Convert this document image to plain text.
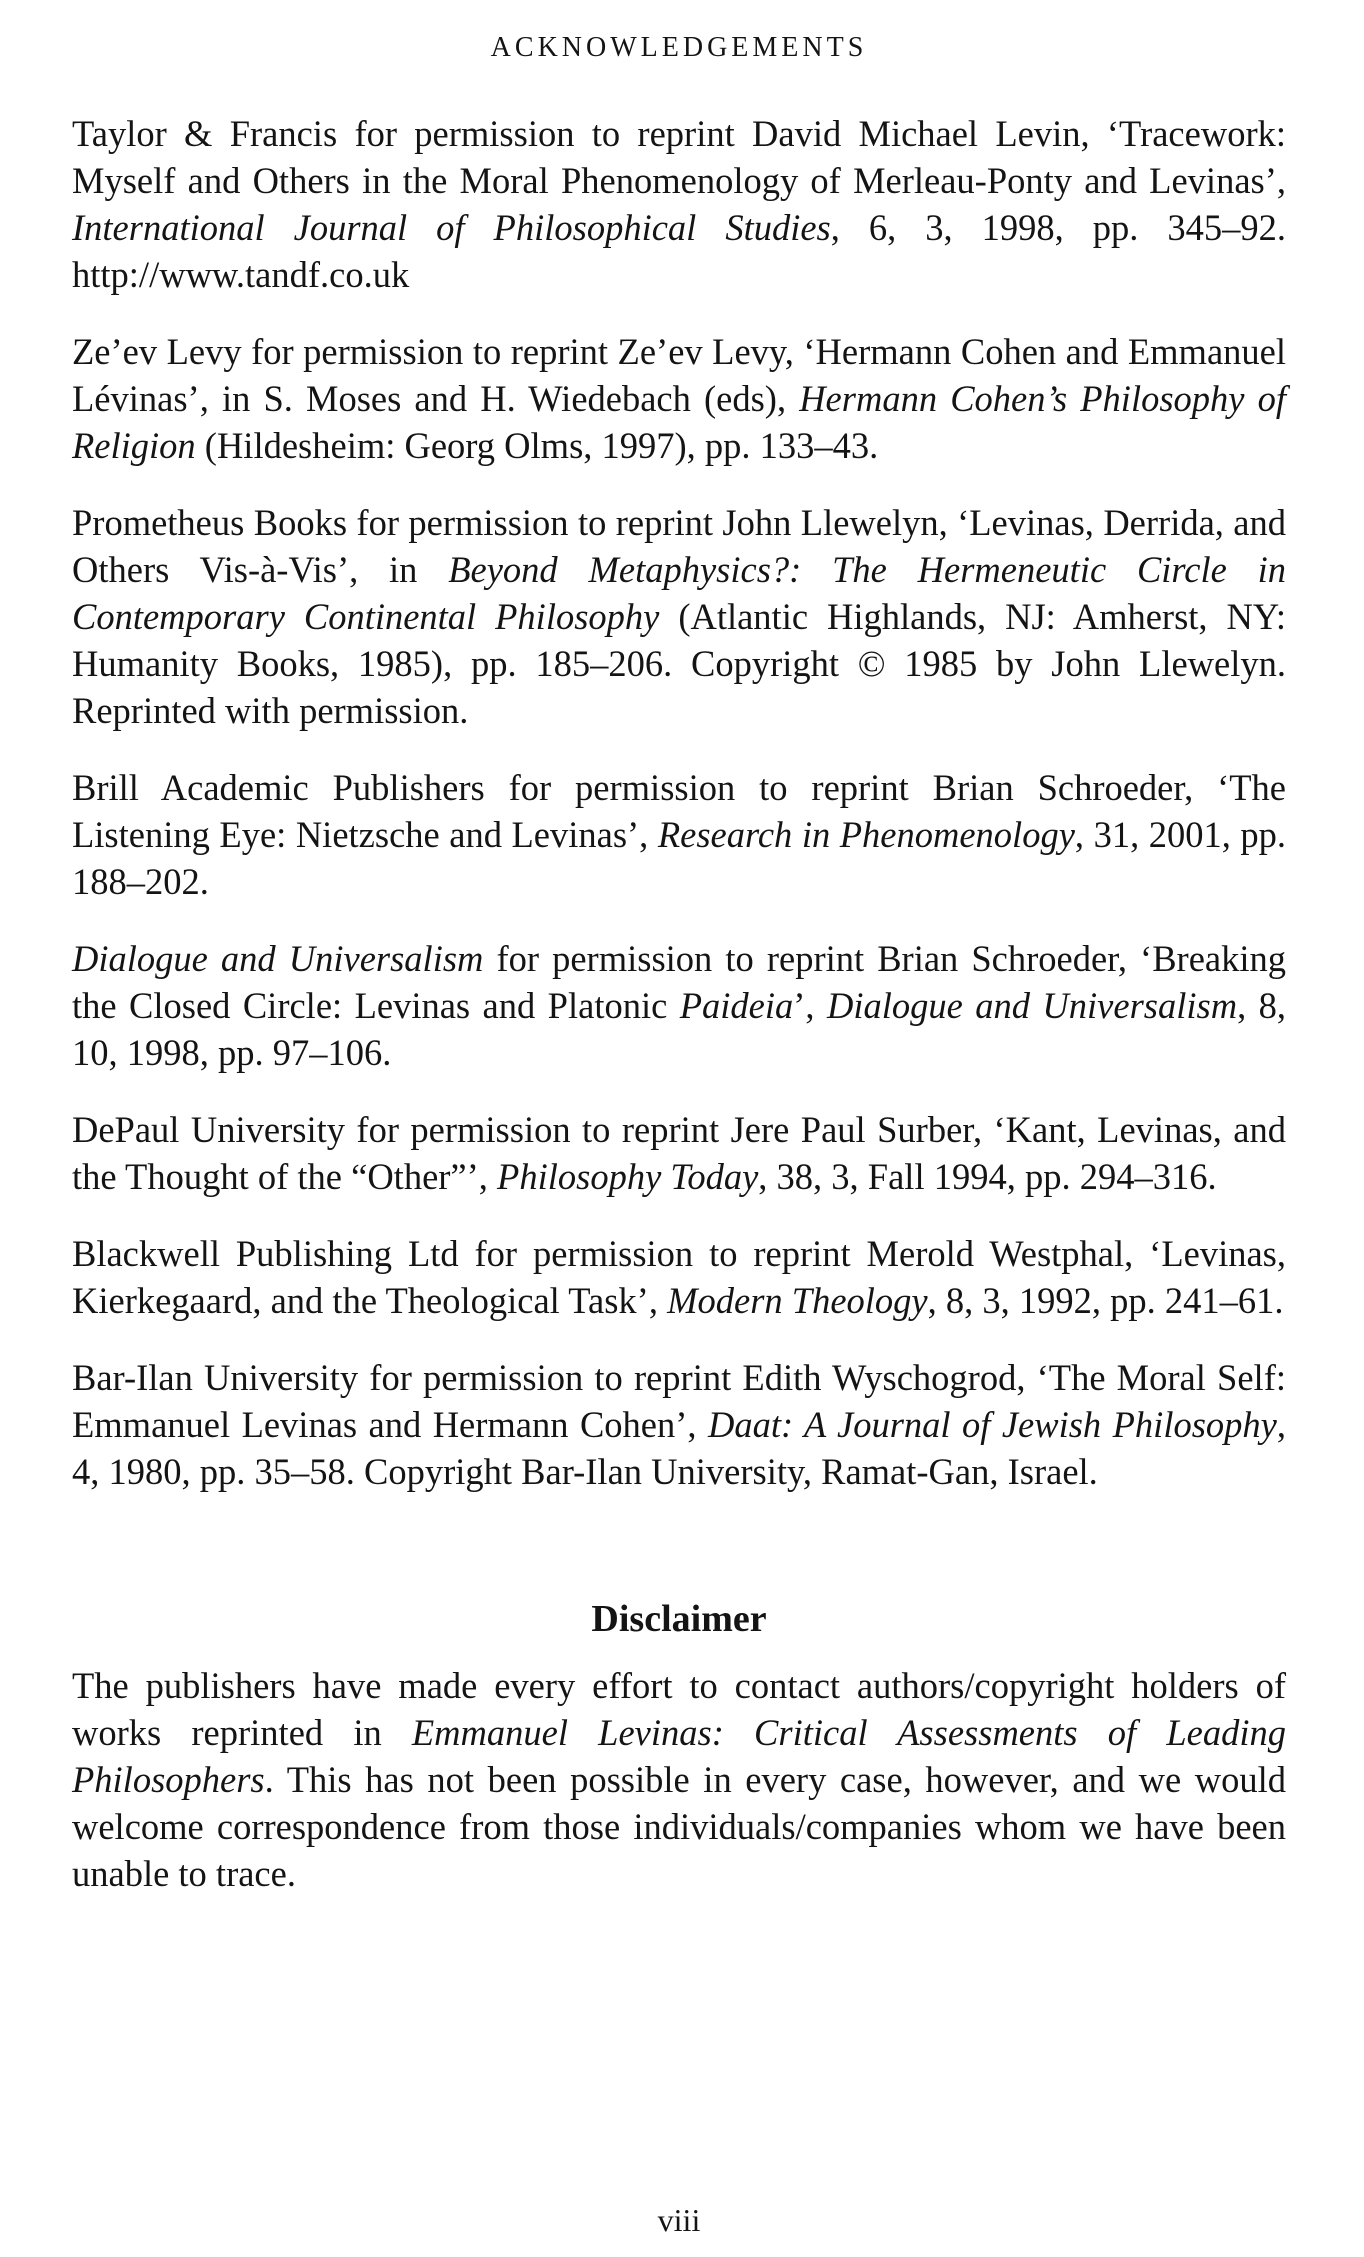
ACKNOWLEDGEMENTS

Taylor & Francis for permission to reprint David Michael Levin, ‘Tracework: Myself and Others in the Moral Phenomenology of Merleau-Ponty and Levinas’, International Journal of Philosophical Studies, 6, 3, 1998, pp. 345–92. http://www.tandf.co.uk

Ze’ev Levy for permission to reprint Ze’ev Levy, ‘Hermann Cohen and Emmanuel Lévinas’, in S. Moses and H. Wiedebach (eds), Hermann Cohen’s Philosophy of Religion (Hildesheim: Georg Olms, 1997), pp. 133–43.

Prometheus Books for permission to reprint John Llewelyn, ‘Levinas, Derrida, and Others Vis-à-Vis’, in Beyond Metaphysics?: The Hermeneutic Circle in Contemporary Continental Philosophy (Atlantic Highlands, NJ: Amherst, NY: Humanity Books, 1985), pp. 185–206. Copyright © 1985 by John Llewelyn. Reprinted with permission.

Brill Academic Publishers for permission to reprint Brian Schroeder, ‘The Listening Eye: Nietzsche and Levinas’, Research in Phenomenology, 31, 2001, pp. 188–202.

Dialogue and Universalism for permission to reprint Brian Schroeder, ‘Breaking the Closed Circle: Levinas and Platonic Paideia’, Dialogue and Universalism, 8, 10, 1998, pp. 97–106.

DePaul University for permission to reprint Jere Paul Surber, ‘Kant, Levinas, and the Thought of the “Other”’, Philosophy Today, 38, 3, Fall 1994, pp. 294–316.

Blackwell Publishing Ltd for permission to reprint Merold Westphal, ‘Levinas, Kierkegaard, and the Theological Task’, Modern Theology, 8, 3, 1992, pp. 241–61.

Bar-Ilan University for permission to reprint Edith Wyschogrod, ‘The Moral Self: Emmanuel Levinas and Hermann Cohen’, Daat: A Journal of Jewish Philosophy, 4, 1980, pp. 35–58. Copyright Bar-Ilan University, Ramat-Gan, Israel.

Disclaimer

The publishers have made every effort to contact authors/copyright holders of works reprinted in Emmanuel Levinas: Critical Assessments of Leading Philosophers. This has not been possible in every case, however, and we would welcome correspondence from those individuals/companies whom we have been unable to trace.

viii
